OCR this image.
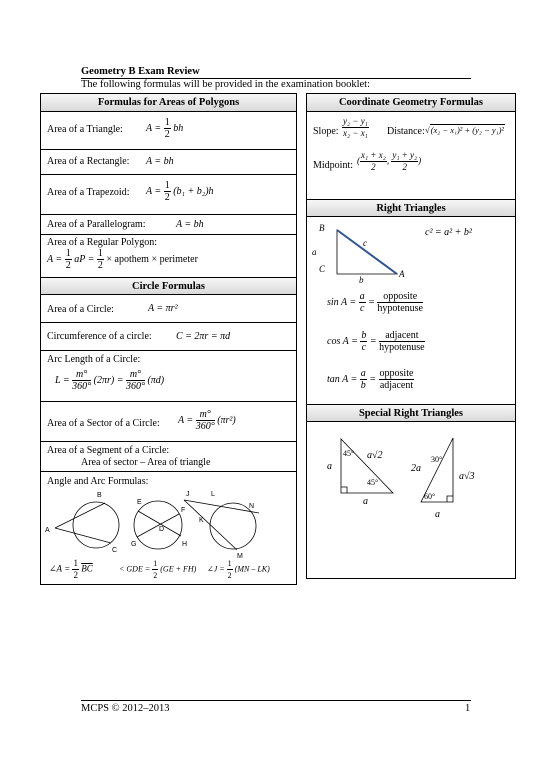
Geometry B Exam Review
The following formulas will be provided in the examination booklet:
Formulas for Areas of Polygons
Area of a Triangle: $A = \frac{1}{2}$ bh
Area of a Rectangle: A = bh
Area of a Trapezoid: $A = \frac{1}{2} (b_1 + b_2)h$
Area of a Parallelogram:	A = bh
Area of a Regular Polygon:
$A = \frac{1}{2}$ aP = $\frac{1}{2}$ × apothem × perimeter
Circle Formulas
Area of a Circle:	A = πr²
Circumference of a circle: C = 2πr = πd
Arc Length of a Circle:
$L = \frac{m^\circ}{360^\circ} (2\pi r) = \frac{m^\circ}{360^\circ} (\pi d)$
Area of a Sector of a Circle: $A = \frac{m^\circ}{360^\circ} (\pi r^2)$
Area of a Segment of a Circle:
Area of sector – Area of triangle
Angle and Arc Formulas:
B
A
C
E
F
D
G	H
J	L
N
K
M
∠A = $\frac{1}{2} \overline{BC}$	< GDE = $\frac{1}{2} (GE + FH)$ ∠J = $\frac{1}{2} (MN - LK)$
Coordinate Geometry Formulas
Slope: $\frac{\text{y₂ − y₁}}{\text{x₂ − x₁}}$ Distance: √(x₂ − x₁)² + (y₂ − y₁)²
Midpoint: ( $\frac{\text{x₁ + x₂}}{2}$ , $\frac{\text{y₁ + y₂}}{2}$ )
Right Triangles
B
c
a
C
b
A
c² = a² + b²
$\sin A = \frac{a}{c} = \frac{\text{opposite}}{\text{hypotenuse}}$
$\cos A = \frac{b}{c} = \frac{\text{adjacent}}{\text{hypotenuse}}$
$\tan A = \frac{a}{b} = \frac{\text{opposite}}{\text{adjacent}}$
Special Right Triangles
45°
45°
30°
60°
a
a
a√2
2a
a√3
a
MCPS © 2012–2013	1
